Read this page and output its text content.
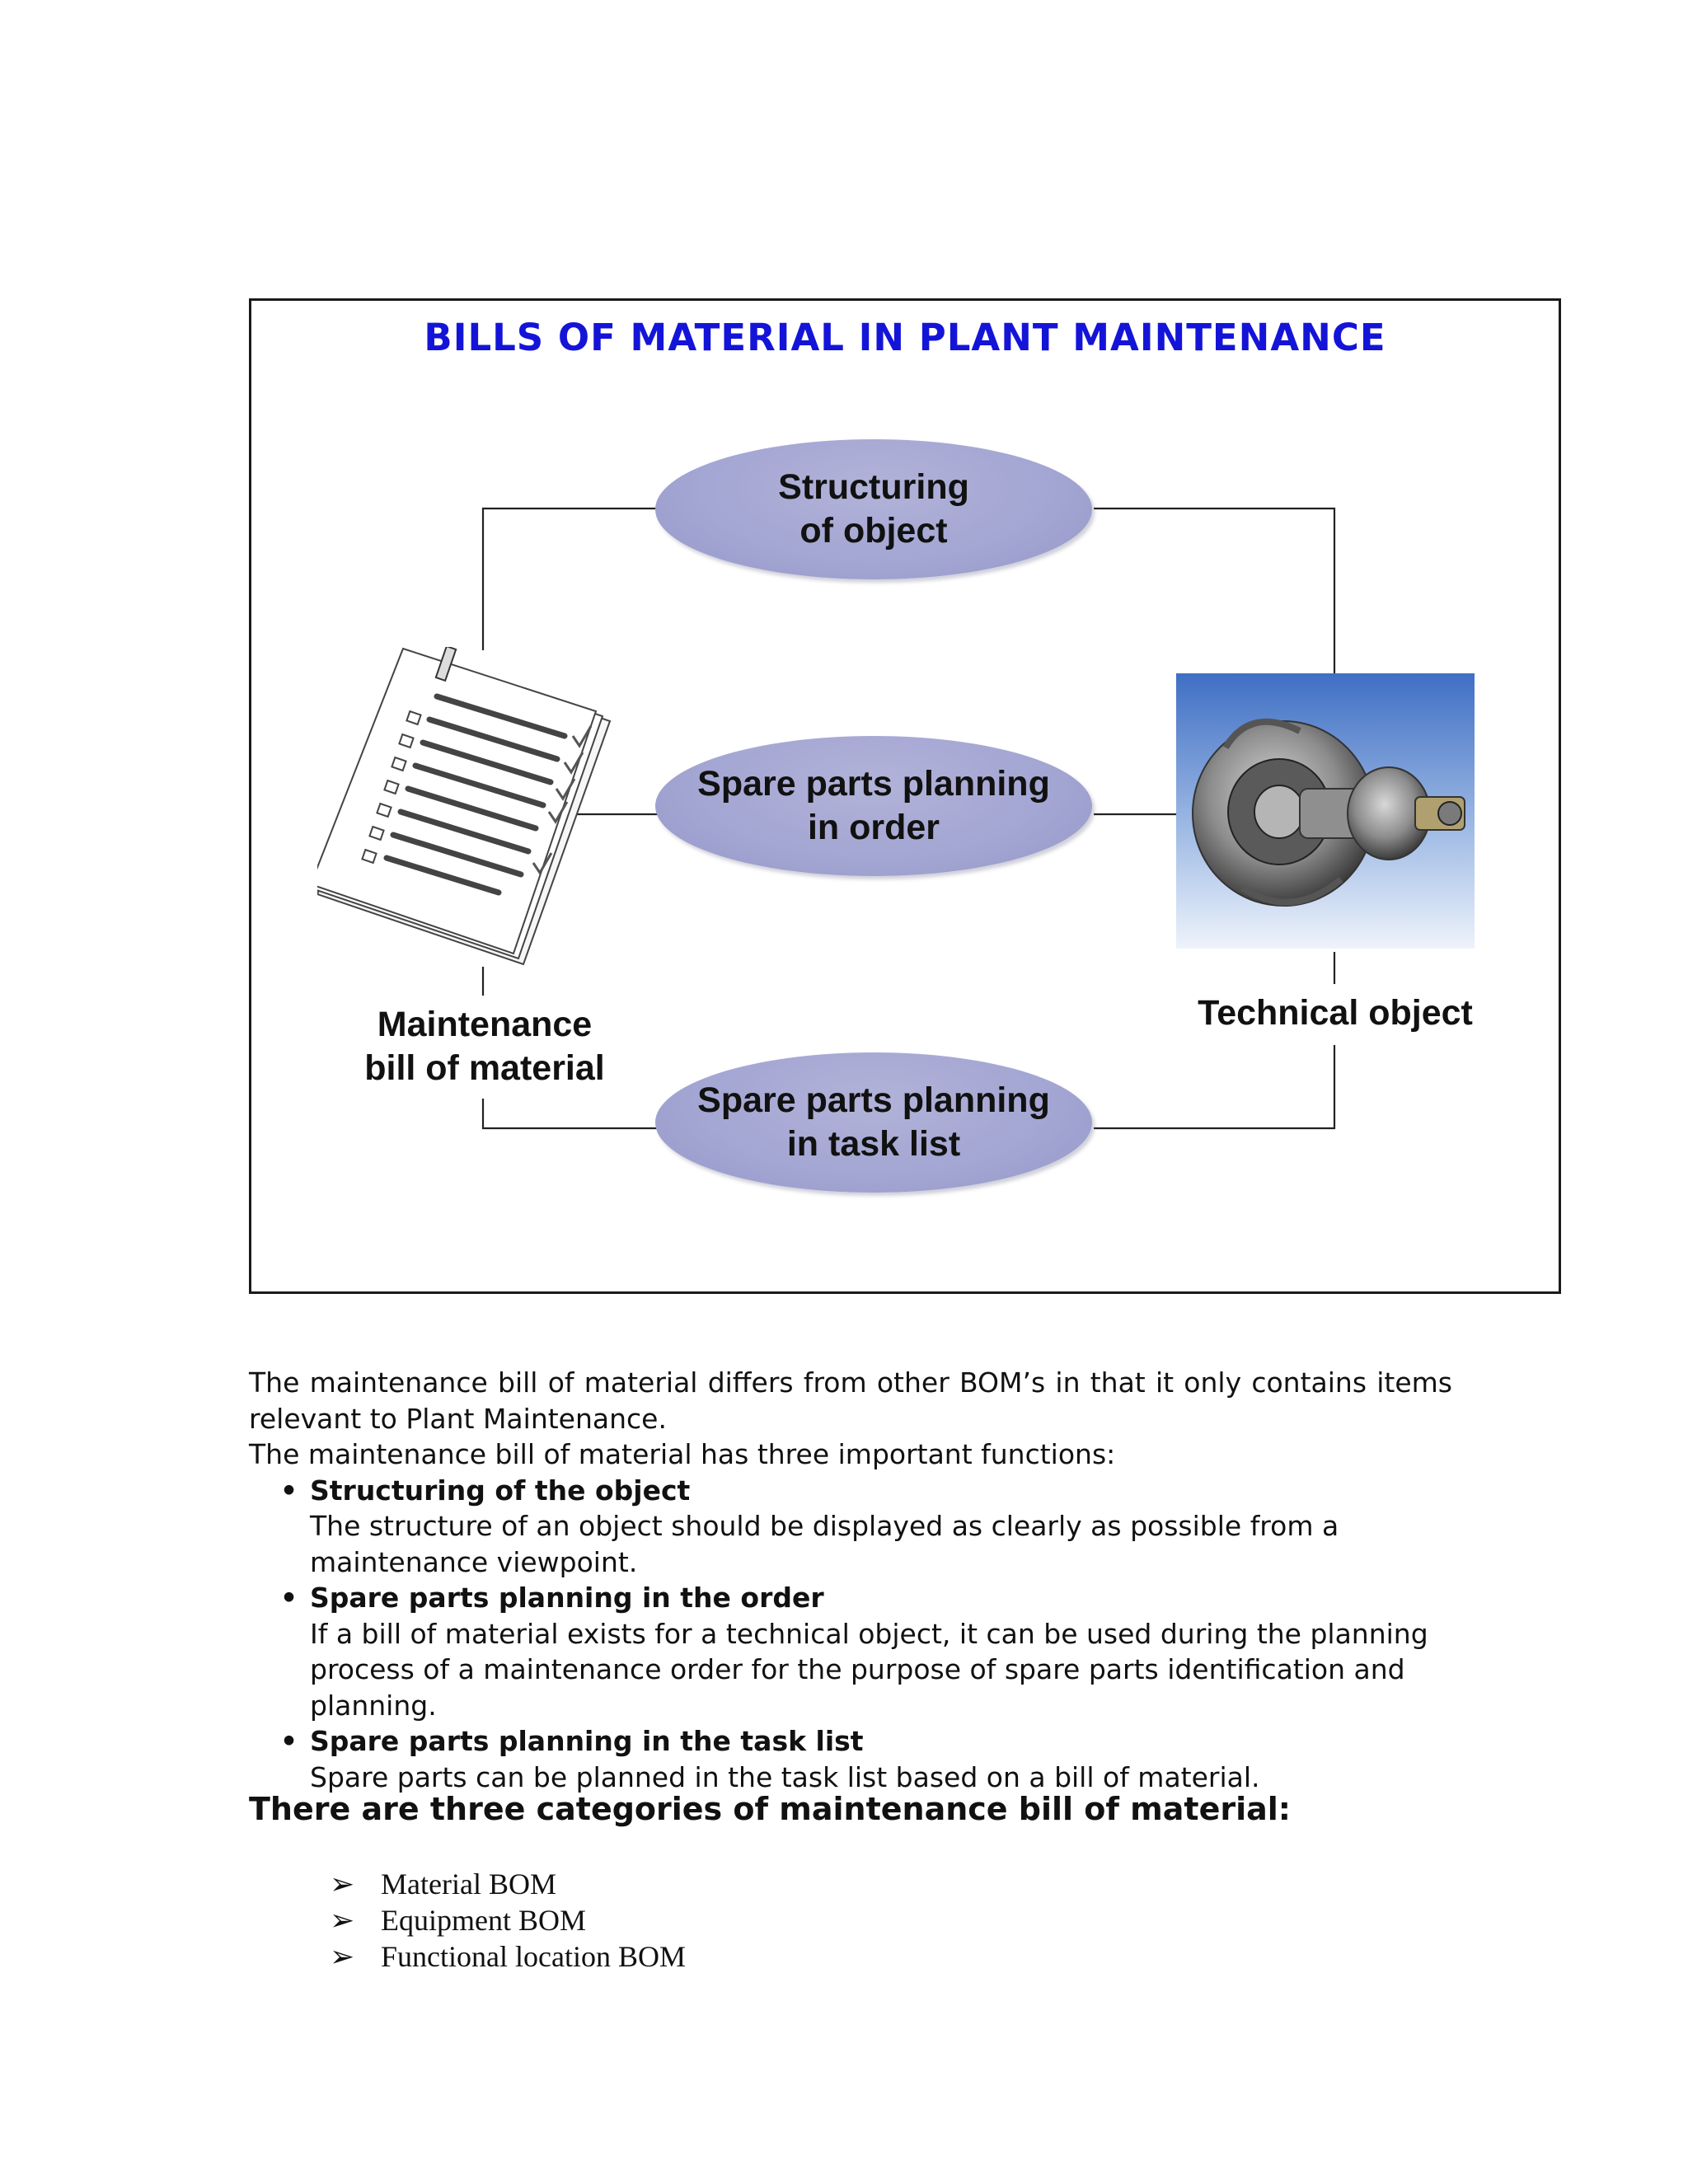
BILLS OF MATERIAL IN PLANT MAINTENANCE
Structuring
of object
Spare parts planning
in order
Spare parts planning
in task list
Maintenance
bill of material
Technical object

The maintenance bill of material differs from other BOM’s in that it only contains items relevant to Plant Maintenance.

The maintenance bill of material has three important functions:

• Structuring of the object
The structure of an object should be displayed as clearly as possible from a maintenance viewpoint.
• Spare parts planning in the order
If a bill of material exists for a technical object, it can be used during the planning process of a maintenance order for the purpose of spare parts identification and planning.
• Spare parts planning in the task list
Spare parts can be planned in the task list based on a bill of material.
There are three categories of maintenance bill of material:
➢ Material BOM
➢ Equipment BOM
➢ Functional location BOM
